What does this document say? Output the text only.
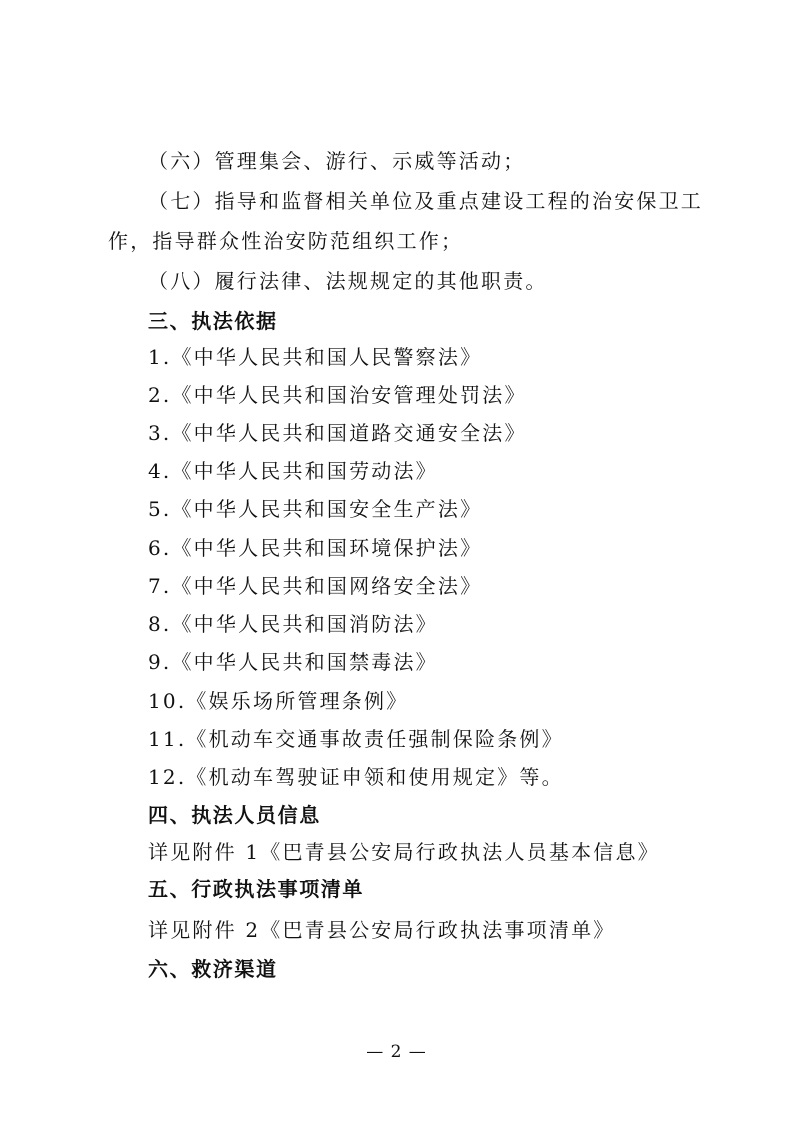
（六）管理集会、游行、示威等活动；
（七）指导和监督相关单位及重点建设工程的治安保卫工
作，指导群众性治安防范组织工作；
（八）履行法律、法规规定的其他职责。
三、执法依据
1.《中华人民共和国人民警察法》
2.《中华人民共和国治安管理处罚法》
3.《中华人民共和国道路交通安全法》
4.《中华人民共和国劳动法》
5.《中华人民共和国安全生产法》
6.《中华人民共和国环境保护法》
7.《中华人民共和国网络安全法》
8.《中华人民共和国消防法》
9.《中华人民共和国禁毒法》
10.《娱乐场所管理条例》
11.《机动车交通事故责任强制保险条例》
12.《机动车驾驶证申领和使用规定》等。
四、执法人员信息
详见附件 1《巴青县公安局行政执法人员基本信息》
五、行政执法事项清单
详见附件 2《巴青县公安局行政执法事项清单》
六、救济渠道
— 2 —
